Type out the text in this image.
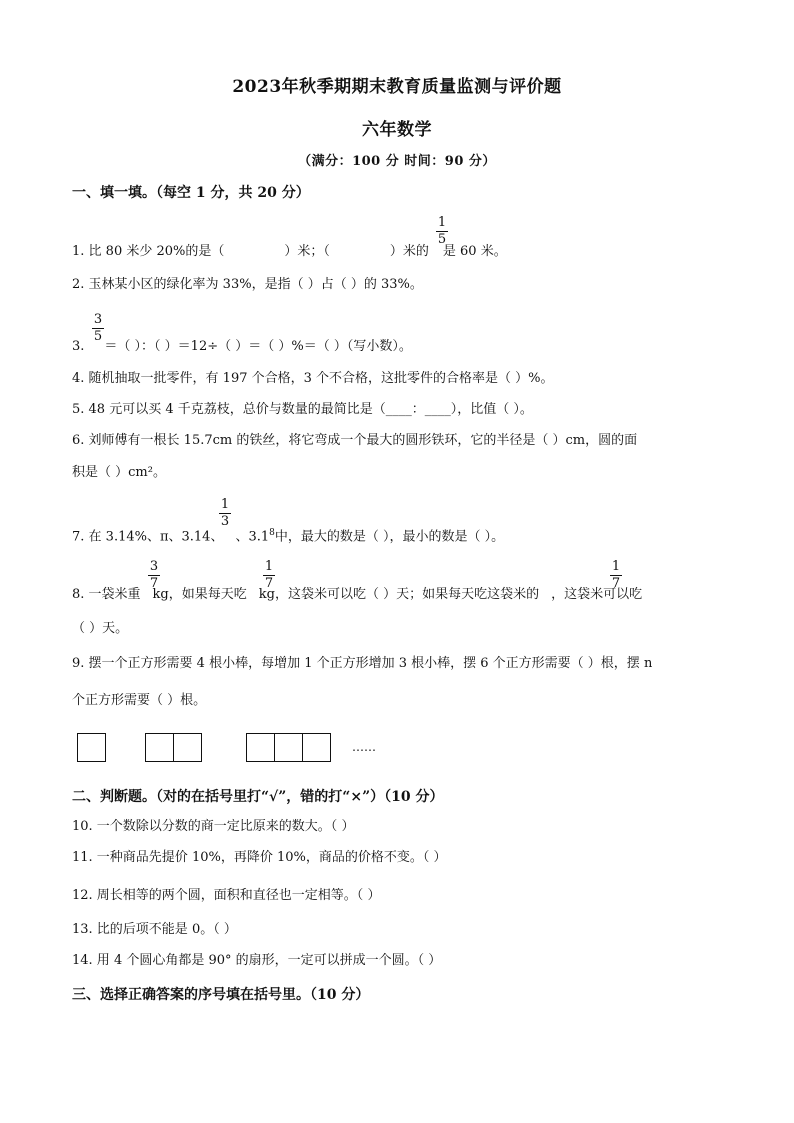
2023年秋季期期末教育质量监测与评价题
六年数学
（满分：100 分 时间：90 分）
一、填一填。（每空 1 分，共 20 分）
1
5
1. 比 80 米少 20%的是（	）米；（	）米的 是 60 米。
2. 玉林某小区的绿化率为 33%，是指（ ）占（ ）的 33%。
3
5
3. ＝（ ）：（ ）＝12÷（ ）＝（ ）%＝（ ）（写小数）。
4. 随机抽取一批零件，有 197 个合格，3 个不合格，这批零件的合格率是（ ）%。
5. 48 元可以买 4 千克荔枝，总价与数量的最简比是（____：____），比值（ ）。
6. 刘师傅有一根长 15.7cm 的铁丝，将它弯成一个最大的圆形铁环，它的半径是（ ）cm，圆的面
积是（ ）cm²。
1
3
7. 在 3.14%、π、3.14、 、$3.1^8$中，最大的数是（ ），最小的数是（ ）。
3
7
1
7
1
7
8. 一袋米重 kg，如果每天吃 kg，这袋米可以吃（ ）天；如果每天吃这袋米的 ，这袋米可以吃
（ ）天。
9. 摆一个正方形需要 4 根小棒，每增加 1 个正方形增加 3 根小棒，摆 6 个正方形需要（ ）根，摆 n
个正方形需要（ ）根。
……
二、判断题。（对的在括号里打“√”，错的打“×”）（10 分）
10. 一个数除以分数的商一定比原来的数大。（ ）
11. 一种商品先提价 10%，再降价 10%，商品的价格不变。（ ）
12. 周长相等的两个圆，面积和直径也一定相等。（ ）
13. 比的后项不能是 0。（ ）
14. 用 4 个圆心角都是 90° 的扇形，一定可以拼成一个圆。（ ）
三、选择正确答案的序号填在括号里。（10 分）
